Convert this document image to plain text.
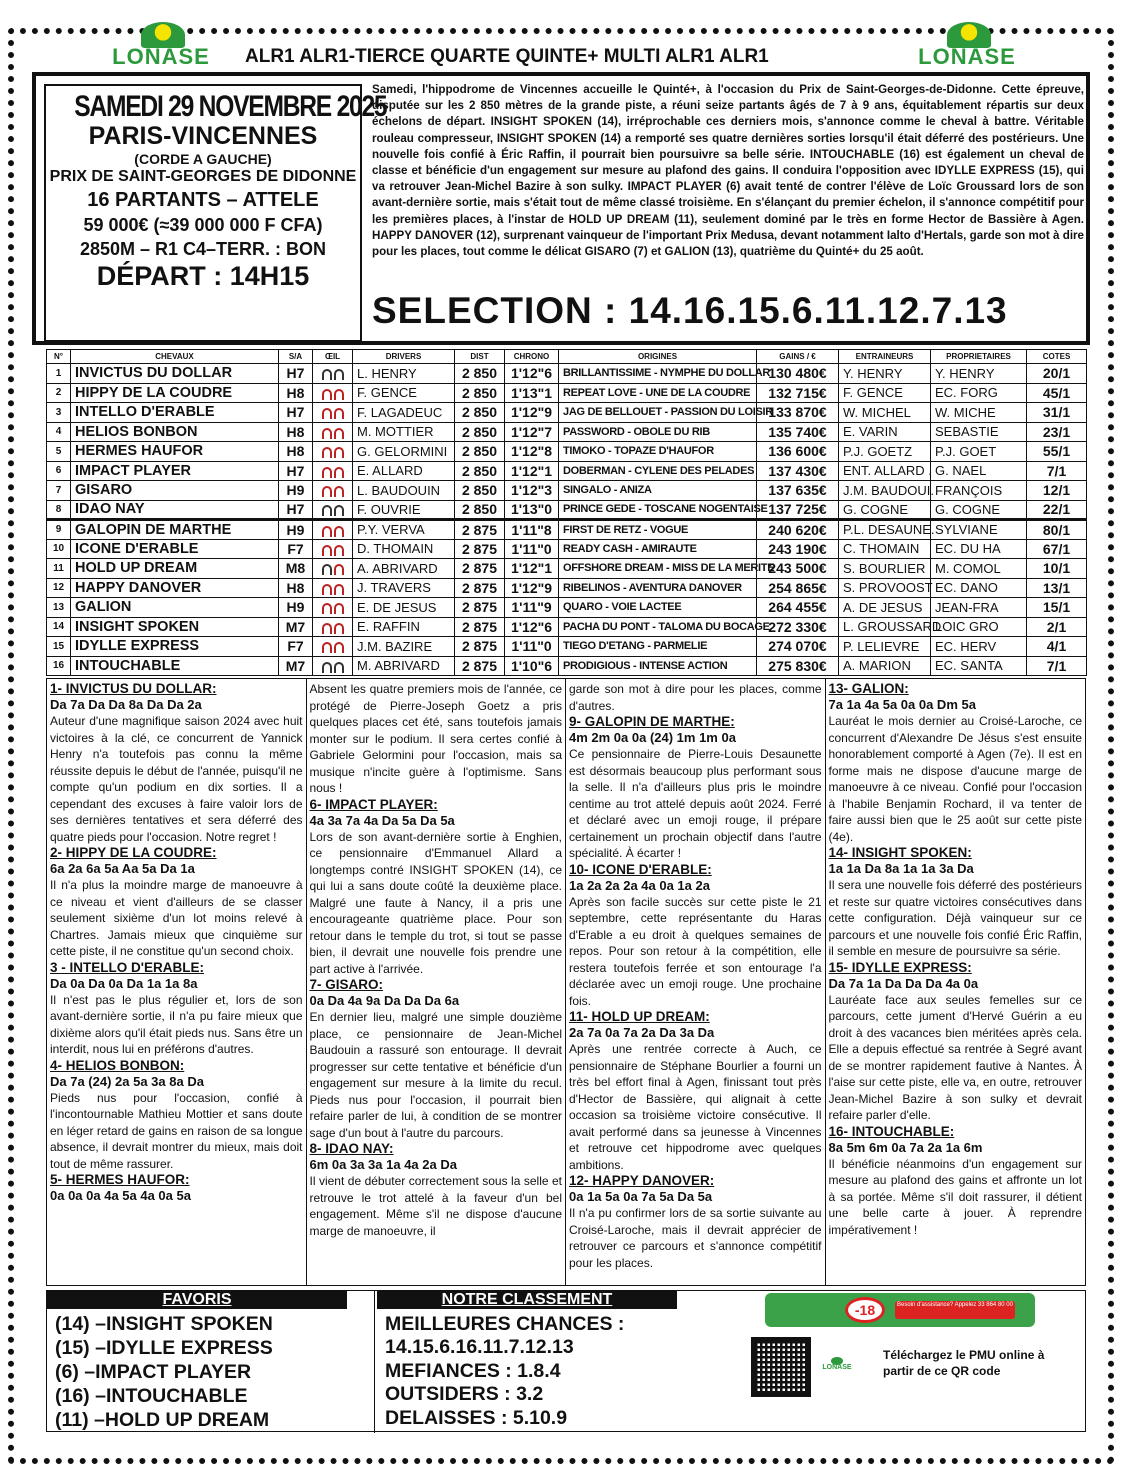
LONASE	ALR1 ALR1-TIERCE QUARTE QUINTE+ MULTI ALR1 ALR1	LONASE
SAMEDI 29 NOVEMBRE 2025
PARIS-VINCENNES
(CORDE A GAUCHE)
PRIX DE SAINT-GEORGES DE DIDONNE
16 PARTANTS – ATTELE
59 000€ (≈39 000 000 F CFA)
2850M – R1 C4–TERR. : BON
DÉPART : 14H15
Samedi, l'hippodrome de Vincennes accueille le Quinté+, à l'occasion du Prix de Saint-Georges-de-Didonne. Cette épreuve, disputée sur les 2 850 mètres de la grande piste, a réuni seize partants âgés de 7 à 9 ans, équitablement répartis sur deux échelons de départ. INSIGHT SPOKEN (14), irréprochable ces derniers mois, s'annonce comme le cheval à battre. Véritable rouleau compresseur, INSIGHT SPOKEN (14) a remporté ses quatre dernières sorties lorsqu'il était déferré des postérieurs. Une nouvelle fois confié à Éric Raffin, il pourrait bien poursuivre sa belle série. INTOUCHABLE (16) est également un cheval de classe et bénéficie d'un engagement sur mesure au plafond des gains. Il conduira l'opposition avec IDYLLE EXPRESS (15), qui va retrouver Jean-Michel Bazire à son sulky. IMPACT PLAYER (6) avait tenté de contrer l'élève de Loïc Groussard lors de son avant-dernière sortie, mais s'était tout de même classé troisième. En s'élançant du premier échelon, il s'annonce compétitif pour les premières places, à l'instar de HOLD UP DREAM (11), seulement dominé par le très en forme Hector de Bassière à Agen. HAPPY DANOVER (12), surprenant vainqueur de l'important Prix Medusa, devant notamment Ialto d'Hertals, garde son mot à dire pour les places, tout comme le délicat GISARO (7) et GALION (13), quatrième du Quinté+ du 25 août.
SELECTION : 14.16.15.6.11.12.7.13
N°	CHEVAUX	S/A	ŒIL	DRIVERS	DIST	CHRONO	ORIGINES	GAINS / €	ENTRAINEURS	PROPRIETAIRES	COTES
1	INVICTUS DU DOLLAR	H7		L. HENRY	2 850	1'12"6	BRILLANTISSIME - NYMPHE DU DOLLAR	130 480€	Y. HENRY	Y. HENRY	20/1
2	HIPPY DE LA COUDRE	H8		F. GENCE	2 850	1'13"1	REPEAT LOVE - UNE DE LA COUDRE	132 715€	F. GENCE	EC. FORG	45/1
3	INTELLO D'ERABLE	H7		F. LAGADEUC	2 850	1'12"9	JAG DE BELLOUET - PASSION DU LOISIR	133 870€	W. MICHEL	W. MICHE	31/1
4	HELIOS BONBON	H8		M. MOTTIER	2 850	1'12"7	PASSWORD - OBOLE DU RIB	135 740€	E. VARIN	SEBASTIE	23/1
5	HERMES HAUFOR	H8		G. GELORMINI	2 850	1'12"8	TIMOKO - TOPAZE D'HAUFOR	136 600€	P.J. GOETZ	P.J. GOET	55/1
6	IMPACT PLAYER	H7		E. ALLARD	2 850	1'12"1	DOBERMAN - CYLENE DES PELADES	137 430€	ENT. ALLARD .	G. NAEL	7/1
7	GISARO	H9		L. BAUDOUIN	2 850	1'12"3	SINGALO - ANIZA	137 635€	J.M. BAUDOUI.	FRANÇOIS	12/1
8	IDAO NAY	H7		F. OUVRIE	2 850	1'13"0	PRINCE GEDE - TOSCANE NOGENTAISE	137 725€	G. COGNE	G. COGNE	22/1
9	GALOPIN DE MARTHE	H9		P.Y. VERVA	2 875	1'11"8	FIRST DE RETZ - VOGUE	240 620€	P.L. DESAUNE.	SYLVIANE	80/1
10	ICONE D'ERABLE	F7		D. THOMAIN	2 875	1'11"0	READY CASH - AMIRAUTE	243 190€	C. THOMAIN	EC. DU HA	67/1
11	HOLD UP DREAM	M8		A. ABRIVARD	2 875	1'12"1	OFFSHORE DREAM - MISS DE LA MERITE	243 500€	S. BOURLIER	M. COMOL	10/1
12	HAPPY DANOVER	H8		J. TRAVERS	2 875	1'12"9	RIBELINOS - AVENTURA DANOVER	254 865€	S. PROVOOST	EC. DANO	13/1
13	GALION	H9		E. DE JESUS	2 875	1'11"9	QUARO - VOIE LACTEE	264 455€	A. DE JESUS	JEAN-FRA	15/1
14	INSIGHT SPOKEN	M7		E. RAFFIN	2 875	1'12"6	PACHA DU PONT - TALOMA DU BOCAGE	272 330€	L. GROUSSARD	LOIC GRO	2/1
15	IDYLLE EXPRESS	F7		J.M. BAZIRE	2 875	1'11"0	TIEGO D'ETANG - PARMELIE	274 070€	P. LELIEVRE	EC. HERV	4/1
16	INTOUCHABLE	M7		M. ABRIVARD	2 875	1'10"6	PRODIGIOUS - INTENSE ACTION	275 830€	A. MARION	EC. SANTA	7/1
1- INVICTUS DU DOLLAR:
Da 7a Da Da 8a Da Da 2a

Auteur d'une magnifique saison 2024 avec huit victoires à la clé, ce concurrent de Yannick Henry n'a toutefois pas connu la même réussite depuis le début de l'année, puisqu'il ne compte qu'un podium en dix sorties. Il a cependant des excuses à faire valoir lors de ses dernières tentatives et sera déferré des quatre pieds pour l'occasion. Notre regret !

2- HIPPY DE LA COUDRE:
6a 2a 6a 5a Aa 5a Da 1a

Il n'a plus la moindre marge de manoeuvre à ce niveau et vient d'ailleurs de se classer seulement sixième d'un lot moins relevé à Chartres. Jamais mieux que cinquième sur cette piste, il ne constitue qu'un second choix.

3 - INTELLO D'ERABLE:
Da 0a Da 0a Da 1a 1a 8a

Il n'est pas le plus régulier et, lors de son avant-dernière sortie, il n'a pu faire mieux que dixième alors qu'il était pieds nus. Sans être un interdit, nous lui en préférons d'autres.

4- HELIOS BONBON:
Da 7a (24) 2a 5a 3a 8a Da

Pieds nus pour l'occasion, confié à l'incontournable Mathieu Mottier et sans doute en léger retard de gains en raison de sa longue absence, il devrait montrer du mieux, mais doit tout de même rassurer.

5- HERMES HAUFOR:
0a 0a 0a 4a 5a 4a 0a 5a

Absent les quatre premiers mois de l'année, ce protégé de Pierre-Joseph Goetz a pris quelques places cet été, sans toutefois jamais monter sur le podium. Il sera certes confié à Gabriele Gelormini pour l'occasion, mais sa musique n'incite guère à l'optimisme. Sans nous !

6- IMPACT PLAYER:
4a 3a 7a 4a Da 5a Da 5a

Lors de son avant-dernière sortie à Enghien, ce pensionnaire d'Emmanuel Allard a longtemps contré INSIGHT SPOKEN (14), ce qui lui a sans doute coûté la deuxième place. Malgré une faute à Nancy, il a pris une encourageante quatrième place. Pour son retour dans le temple du trot, si tout se passe bien, il devrait une nouvelle fois prendre une part active à l'arrivée.

7- GISARO:
0a Da 4a 9a Da Da Da 6a

En dernier lieu, malgré une simple douzième place, ce pensionnaire de Jean-Michel Baudouin a rassuré son entourage. Il devrait progresser sur cette tentative et bénéficie d'un engagement sur mesure à la limite du recul. Pieds nus pour l'occasion, il pourrait bien refaire parler de lui, à condition de se montrer sage d'un bout à l'autre du parcours.

8- IDAO NAY:
6m 0a 3a 3a 1a 4a 2a Da

Il vient de débuter correctement sous la selle et retrouve le trot attelé à la faveur d'un bel engagement. Même s'il ne dispose d'aucune marge de manoeuvre, il

garde son mot à dire pour les places, comme d'autres.

9- GALOPIN DE MARTHE:
4m 2m 0a 0a (24) 1m 1m 0a

Ce pensionnaire de Pierre-Louis Desaunette est désormais beaucoup plus performant sous la selle. Il n'a d'ailleurs plus pris le moindre centime au trot attelé depuis août 2024. Ferré et déclaré avec un emoji rouge, il prépare certainement un prochain objectif dans l'autre spécialité. À écarter !

10- ICONE D'ERABLE:
1a 2a 2a 2a 4a 0a 1a 2a

Après son facile succès sur cette piste le 21 septembre, cette représentante du Haras d'Erable a eu droit à quelques semaines de repos. Pour son retour à la compétition, elle restera toutefois ferrée et son entourage l'a déclarée avec un emoji rouge. Une prochaine fois.

11- HOLD UP DREAM:
2a 7a 0a 7a 2a Da 3a Da

Après une rentrée correcte à Auch, ce pensionnaire de Stéphane Bourlier a fourni un très bel effort final à Agen, finissant tout près d'Hector de Bassière, qui alignait à cette occasion sa troisième victoire consécutive. Il avait performé dans sa jeunesse à Vincennes et retrouve cet hippodrome avec quelques ambitions.

12- HAPPY DANOVER:
0a 1a 5a 0a 7a 5a Da 5a

Il n'a pu confirmer lors de sa sortie suivante au Croisé-Laroche, mais il devrait apprécier de retrouver ce parcours et s'annonce compétitif pour les places.

13- GALION:
7a 1a 4a 5a 0a 0a Dm 5a

Lauréat le mois dernier au Croisé-Laroche, ce concurrent d'Alexandre De Jésus s'est ensuite honorablement comporté à Agen (7e). Il est en forme mais ne dispose d'aucune marge de manoeuvre à ce niveau. Confié pour l'occasion à l'habile Benjamin Rochard, il va tenter de faire aussi bien que le 25 août sur cette piste (4e).

14- INSIGHT SPOKEN:
1a 1a Da 8a 1a 1a 3a Da

Il sera une nouvelle fois déferré des postérieurs et reste sur quatre victoires consécutives dans cette configuration. Déjà vainqueur sur ce parcours et une nouvelle fois confié Éric Raffin, il semble en mesure de poursuivre sa série.

15- IDYLLE EXPRESS:
Da 7a 1a Da Da Da 4a 0a

Lauréate face aux seules femelles sur ce parcours, cette jument d'Hervé Guérin a eu droit à des vacances bien méritées après cela. Elle a depuis effectué sa rentrée à Segré avant de se montrer rapidement fautive à Nantes. À l'aise sur cette piste, elle va, en outre, retrouver Jean-Michel Bazire à son sulky et devrait refaire parler d'elle.

16- INTOUCHABLE:
8a 5m 6m 0a 7a 2a 1a 6m

Il bénéficie néanmoins d'un engagement sur mesure au plafond des gains et affronte un lot à sa portée. Même s'il doit rassurer, il détient une belle carte à jouer. À reprendre impérativement !

FAVORIS
(14) –INSIGHT SPOKEN
(15) –IDYLLE EXPRESS
(6) –IMPACT PLAYER
(16) –INTOUCHABLE
(11) –HOLD UP DREAM
NOTRE CLASSEMENT
MEILLEURES CHANCES :
14.15.6.16.11.7.12.13
MEFIANCES : 1.8.4
OUTSIDERS : 3.2
DELAISSES : 5.10.9
-18	Besoin d'assistance? Appelez 33 864 80 00
LONASE
Téléchargez le PMU online à partir de ce QR code
